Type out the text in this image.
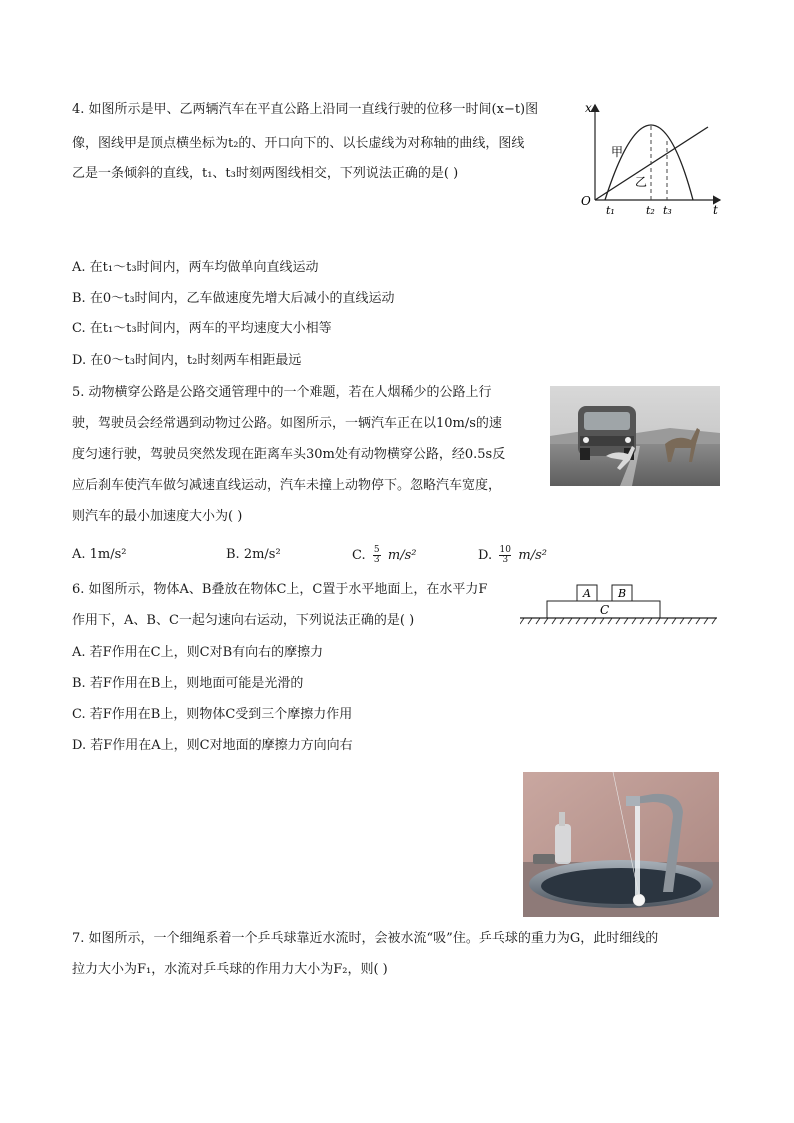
4. 如图所示是甲、乙两辆汽车在平直公路上沿同一直线行驶的位移一时间(x−t)图
像，图线甲是顶点横坐标为t₂的、开口向下的、以长虚线为对称轴的曲线，图线
乙是一条倾斜的直线，t₁、t₃时刻两图线相交，下列说法正确的是( )
x
t
O
甲
乙
t₁	t₂ t₃
A. 在t₁～t₃时间内，两车均做单向直线运动
B. 在0～t₃时间内，乙车做速度先增大后减小的直线运动
C. 在t₁～t₃时间内，两车的平均速度大小相等
D. 在0～t₃时间内，t₂时刻两车相距最远
5. 动物横穿公路是公路交通管理中的一个难题，若在人烟稀少的公路上行
驶，驾驶员会经常遇到动物过公路。如图所示，一辆汽车正在以10m/s的速
度匀速行驶，驾驶员突然发现在距离车头30m处有动物横穿公路，经0.5s反
应后刹车使汽车做匀减速直线运动，汽车未撞上动物停下。忽略汽车宽度，
则汽车的最小加速度大小为( )
A. 1m/s²	B. 2m/s²	C. $\frac{5}{3} m/s^2$	D. $\frac{10}{3} m/s^2$
6. 如图所示，物体A、B叠放在物体C上，C置于水平地面上，在水平力F
作用下，A、B、C一起匀速向右运动，下列说法正确的是( )
A B
C
A. 若F作用在C上，则C对B有向右的摩擦力
B. 若F作用在B上，则地面可能是光滑的
C. 若F作用在B上，则物体C受到三个摩擦力作用
D. 若F作用在A上，则C对地面的摩擦力方向向右
7. 如图所示，一个细绳系着一个乒乓球靠近水流时，会被水流“吸”住。乒乓球的重力为G，此时细线的
拉力大小为F₁，水流对乒乓球的作用力大小为F₂，则( )
